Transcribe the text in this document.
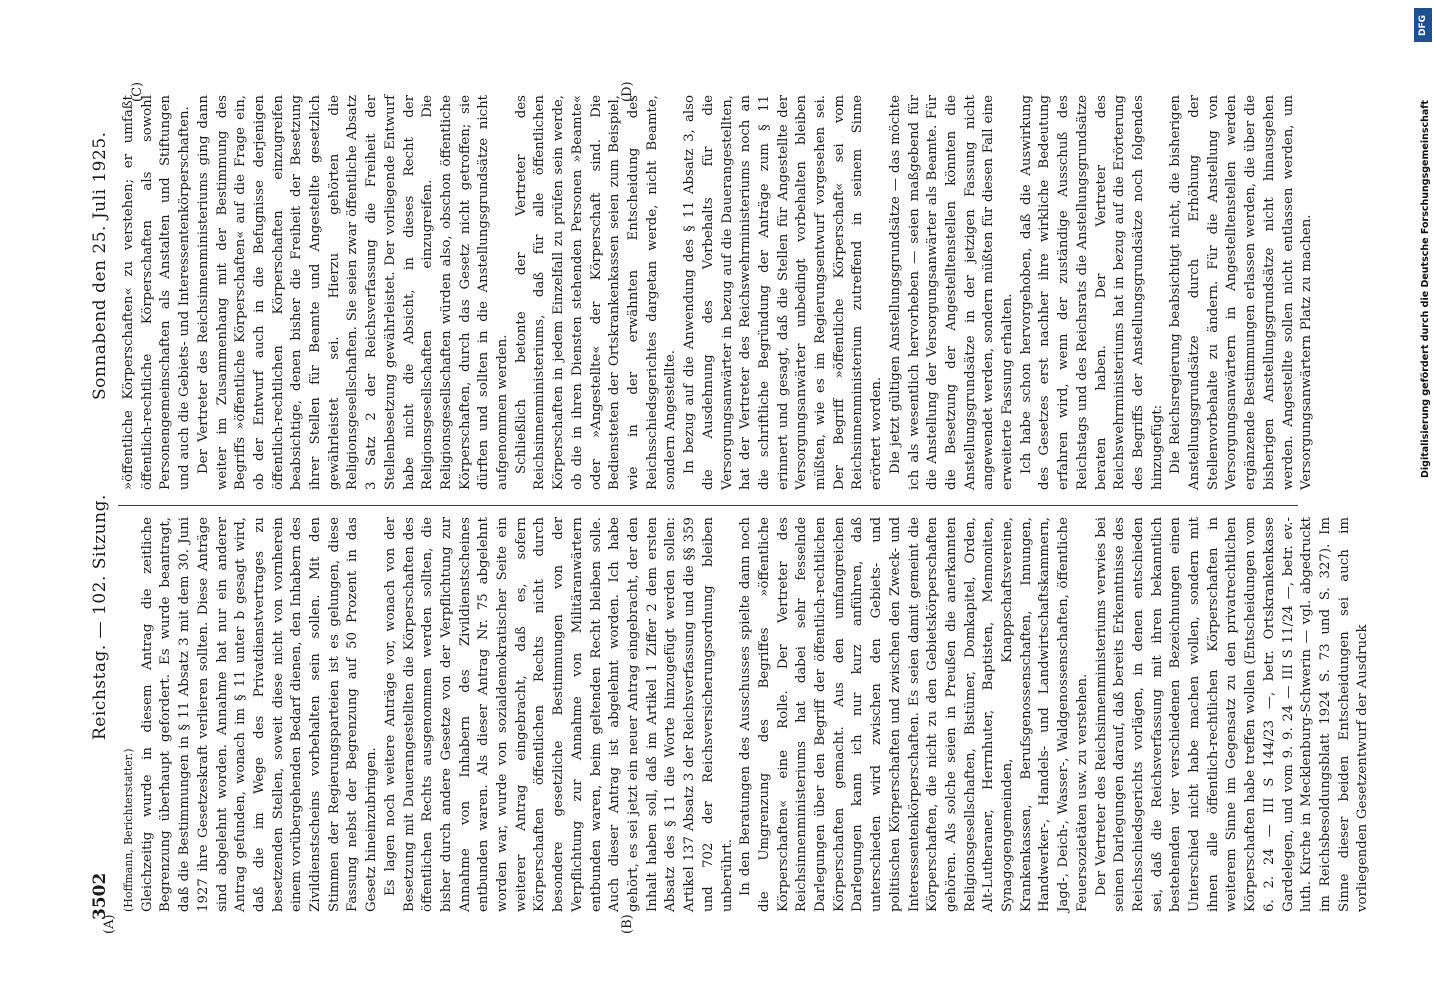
3502
Reichstag. — 102. Sitzung.
Sonnabend den 25. Juli 1925.

(Hoffmann, Berichterstatter.) Gleichzeitig wurde in diesem Antrag die zeitliche Begrenzung überhaupt gefordert. Es wurde beantragt, daß die Bestimmungen in § 11 Absatz 3 mit dem 30. Juni 1927 ihre Gesetzeskraft verlieren sollten. Diese Anträge sind abgelehnt worden. Annahme hat nur ein anderer Antrag gefunden, wonach im § 11 unter b gesagt wird, daß die im Wege des Privatdienstvertrages zu besetzenden Stellen, soweit diese nicht von vornherein einem vorübergehenden Bedarf dienen, den Inhabern des Zivildienstscheins vorbehalten sein sollen. Mit den Stimmen der Regierungsparteien ist es gelungen, diese Fassung nebst der Begrenzung auf 50 Prozent in das Gesetz hineinzubringen. Es lagen noch weitere Anträge vor, wonach von der Besetzung mit Dauerangestellten die Körperschaften des öffentlichen Rechts ausgenommen werden sollten, die bisher durch andere Gesetze von der Verpflichtung zur Annahme von Inhabern des Zivildienstscheines entbunden waren. Als dieser Antrag Nr. 75 abgelehnt worden war, wurde von sozialdemokratischer Seite ein weiterer Antrag eingebracht, daß es, sofern Körperschaften öffentlichen Rechts nicht durch besondere gesetzliche Bestimmungen von der Verpflichtung zur Annahme von Militäranwärtern entbunden waren, beim geltenden Recht bleiben solle. Auch dieser Antrag ist abgelehnt worden. Ich habe gehört, es sei jetzt ein neuer Antrag eingebracht, der den Inhalt haben soll, daß im Artikel 1 Ziffer 2 dem ersten Absatz des § 11 die Worte hinzugefügt werden sollen: Artikel 137 Absatz 3 der Reichsverfassung und die §§ 359 und 702 der Reichsversicherungsordnung bleiben unberührt. In den Beratungen des Ausschusses spielte dann noch die Umgrenzung des Begriffes »öffentliche Körperschaften« eine Rolle. Der Vertreter des Reichsinnenministeriums hat dabei sehr fesselnde Darlegungen über den Begriff der öffentlich-rechtlichen Körperschaften gemacht. Aus den umfangreichen Darlegungen kann ich nur kurz anführen, daß unterschieden wird zwischen den Gebiets- und politischen Körperschaften und zwischen den Zweck- und Interessentenkörperschaften. Es seien damit gemeint die Körperschaften, die nicht zu den Gebietskörperschaften gehören. Als solche seien in Preußen die anerkannten Religionsgesellschaften, Bistümer, Domkapitel, Orden, Alt-Lutheraner, Herrnhuter, Baptisten, Mennoniten, Synagogengemeinden, Knappschaftsvereine, Krankenkassen, Berufsgenossenschaften, Innungen, Handwerker-, Handels- und Landwirtschaftskammern, Jagd-, Deich-, Wasser-, Waldgenossenschaften, öffentliche Feuersozietäten usw. zu verstehen. Der Vertreter des Reichsinnenministeriums verwies bei seinen Darlegungen darauf, daß bereits Erkenntnisse des Reichsschiedsgerichts vorlägen, in denen entschieden sei, daß die Reichsverfassung mit ihren bekanntlich bestehenden vier verschiedenen Bezeichnungen einen Unterschied nicht habe machen wollen, sondern mit ihnen alle öffentlich-rechtlichen Körperschaften in weiterem Sinne im Gegensatz zu den privatrechtlichen Körperschaften habe treffen wollen (Entscheidungen vom 6. 2. 24 — III S 144/23 —, betr. Ortskrankenkasse Gardelegen, und vom 9. 9. 24 — III S 11/24 —, betr. ev.-luth. Kirche in Mecklenburg-Schwerin — vgl. abgedruckt im Reichsbesoldungsblatt 1924 S. 73 und S. 327). Im Sinne dieser beiden Entscheidungen sei auch im vorliegenden Gesetzentwurf der Ausdruck

»öffentliche Körperschaften« zu verstehen; er umfaßt öffentlich-rechtliche Körperschaften als sowohl Personengemeinschaften als Anstalten und Stiftungen und auch die Gebiets- und Interessentenkörperschaften. Der Vertreter des Reichsinnenministeriums ging dann weiter im Zusammenhang mit der Bestimmung des Begriffs »öffentliche Körperschaften« auf die Frage ein, ob der Entwurf auch in die Befugnisse derjenigen öffentlich-rechtlichen Körperschaften einzugreifen beabsichtige, denen bisher die Freiheit der Besetzung ihrer Stellen für Beamte und Angestellte gesetzlich gewährleistet sei. Hierzu gehörten die Religionsgesellschaften. Sie seien zwar öffentliche Absatz 3 Satz 2 der Reichsverfassung die Freiheit der Stellenbesetzung gewährleistet. Der vorliegende Entwurf habe nicht die Absicht, in dieses Recht der Religionsgesellschaften einzugreifen. Die Religionsgesellschaften würden also, obschon öffentliche Körperschaften, durch das Gesetz nicht getroffen; sie dürften und sollten in die Anstellungsgrundsätze nicht aufgenommen werden. Schließlich betonte der Vertreter des Reichsinnenministeriums, daß für alle öffentlichen Körperschaften in jedem Einzelfall zu prüfen sein werde, ob die in ihren Diensten stehenden Personen »Beamte« oder »Angestellte« der Körperschaft sind. Die Bediensteten der Ortskrankenkassen seien zum Beispiel, wie in der erwähnten Entscheidung des Reichsschiedsgerichtes dargetan werde, nicht Beamte, sondern Angestellte. In bezug auf die Anwendung des § 11 Absatz 3, also die Ausdehnung des Vorbehalts für die Versorgungsanwärter in bezug auf die Dauerangestellten, hat der Vertreter des Reichswehrministeriums noch an die schriftliche Begründung der Anträge zum § 11 erinnert und gesagt, daß die Stellen für Angestellte der Versorgungsanwärter unbedingt vorbehalten bleiben müßten, wie es im Regierungsentwurf vorgesehen sei. Der Begriff »öffentliche Körperschaft« sei vom Reichsinnenministerium zutreffend in seinem Sinne erörtert worden. Die jetzt gültigen Anstellungsgrundsätze — das möchte ich als wesentlich hervorheben — seien maßgebend für die Anstellung der Versorgungsanwärter als Beamte. Für die Besetzung der Angestelltenstellen könnten die Anstellungsgrundsätze in der jetzigen Fassung nicht angewendet werden, sondern müßten für diesen Fall eine erweiterte Fassung erhalten. Ich habe schon hervorgehoben, daß die Auswirkung des Gesetzes erst nachher ihre wirkliche Bedeutung erfahren wird, wenn der zuständige Ausschuß des Reichstags und des Reichsrats die Anstellungsgrundsätze beraten haben. Der Vertreter des Reichswehrministeriums hat in bezug auf die Erörterung des Begriffs der Anstellungsgrundsätze noch folgendes hinzugefügt: Die Reichsregierung beabsichtigt nicht, die bisherigen Anstellungsgrundsätze durch Erhöhung der Stellenvorbehalte zu ändern. Für die Anstellung von Versorgungsanwärtern in Angestelltenstellen werden ergänzende Bestimmungen erlassen werden, die über die bisherigen Anstellungsgrundsätze nicht hinausgehen werden. Angestellte sollen nicht entlassen werden, um Versorgungsanwärtern Platz zu machen.

(A)	(B)
(C)	(D)
Digitalisierung gefördert durch die Deutsche Forschungsgemeinschaft
DFG
